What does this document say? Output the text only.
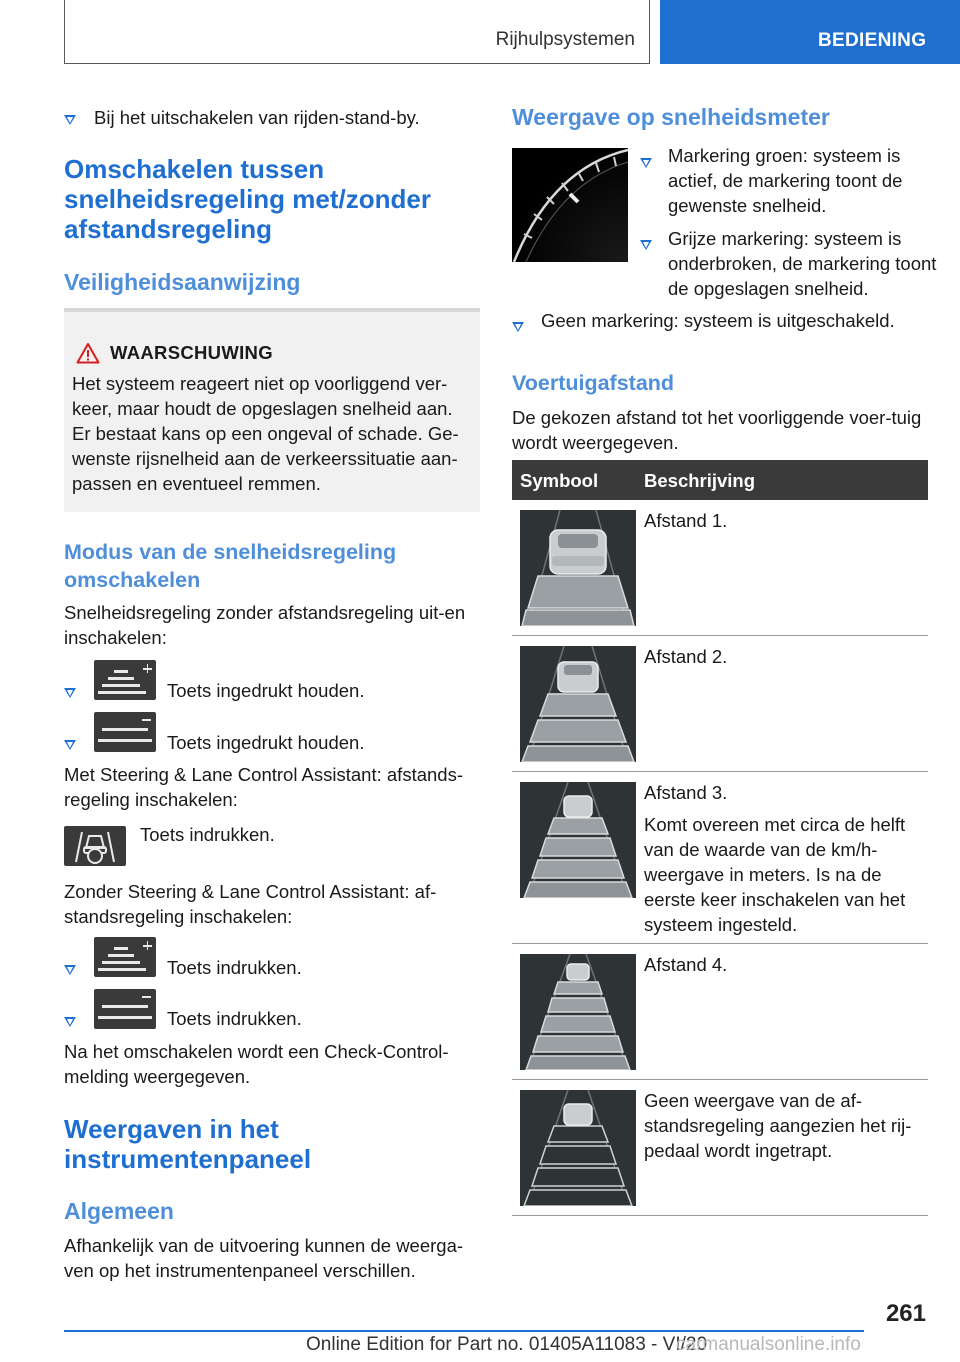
Rijhulpsystemen	BEDIENING
Bij het uitschakelen van rijden-stand-by.
Omschakelen tussen snelheidsregeling met/zonder afstandsregeling
Veiligheidsaanwijzing
WAARSCHUWING
Het systeem reageert niet op voorliggend ver-keer, maar houdt de opgeslagen snelheid aan. Er bestaat kans op een ongeval of schade. Ge-wenste rijsnelheid aan de verkeerssituatie aan-passen en eventueel remmen.
Modus van de snelheidsregeling omschakelen
Snelheidsregeling zonder afstandsregeling uit-en inschakelen:
Toets ingedrukt houden.
Toets ingedrukt houden.
Met Steering & Lane Control Assistant: afstands-regeling inschakelen:
Toets indrukken.
Zonder Steering & Lane Control Assistant: af-standsregeling inschakelen:
Toets indrukken.
Toets indrukken.
Na het omschakelen wordt een Check-Control-melding weergegeven.
Weergaven in het instrumentenpaneel
Algemeen
Afhankelijk van de uitvoering kunnen de weerga-ven op het instrumentenpaneel verschillen.
Weergave op snelheidsmeter
Markering groen: systeem is actief, de markering toont de gewenste snelheid.
Grijze markering: systeem is onderbroken, de markering toont de opgeslagen snelheid.
Geen markering: systeem is uitgeschakeld.
Voertuigafstand
De gekozen afstand tot het voorliggende voer-tuig wordt weergegeven.
Symbool Beschrijving
Afstand 1.
Afstand 2.
Afstand 3.
Komt overeen met circa de helft van de waarde van de km/h-weergave in meters. Is na de eerste keer inschakelen van het systeem ingesteld.
Afstand 4.
Geen weergave van de af-standsregeling aangezien het rij-pedaal wordt ingetrapt.
261
Online Edition for Part no. 01405A11083 - VI/20
carmanualsonline.info
